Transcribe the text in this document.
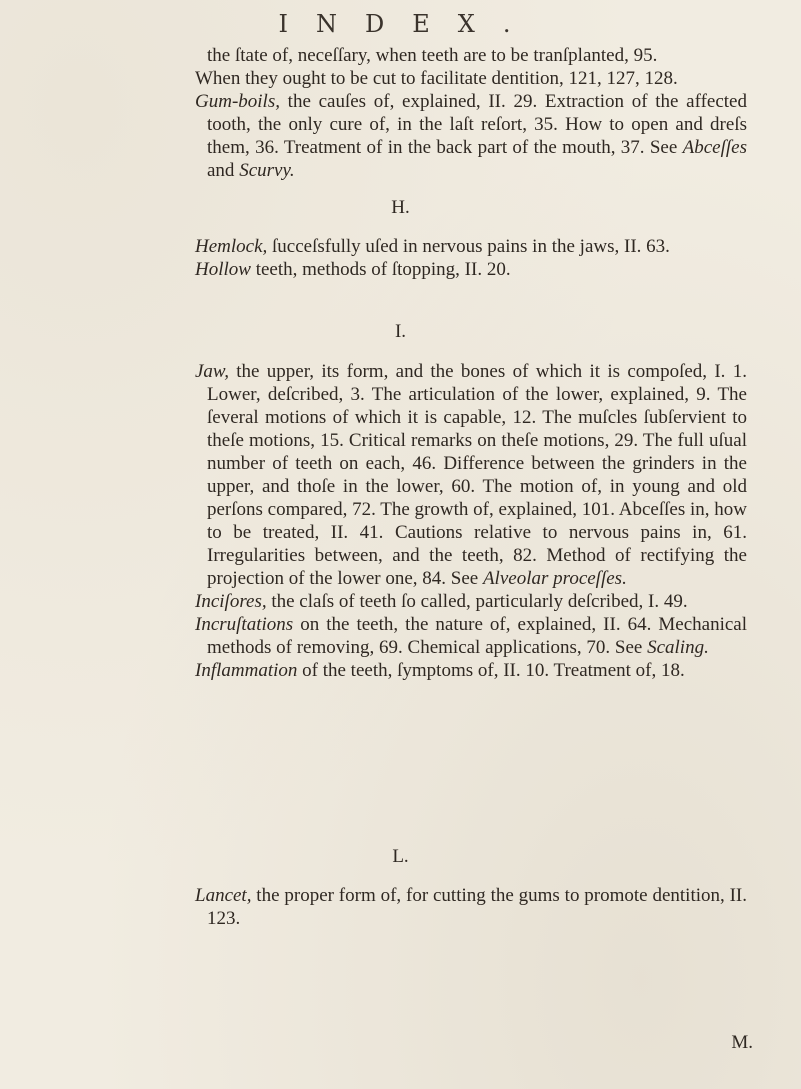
INDEX.

the ſtate of, neceſſary, when teeth are to be tranſplanted, 95.

When they ought to be cut to facilitate dentition, 121, 127, 128.

Gum-boils, the cauſes of, explained, II. 29. Extraction of the affected tooth, the only cure of, in the laſt reſort, 35. How to open and dreſs them, 36. Treatment of in the back part of the mouth, 37. See Abceſſes and Scurvy.

H.

Hemlock, ſucceſsfully uſed in nervous pains in the jaws, II. 63.

Hollow teeth, methods of ſtopping, II. 20.

I.

Jaw, the upper, its form, and the bones of which it is compoſed, I. 1. Lower, deſcribed, 3. The articulation of the lower, explained, 9. The ſeveral motions of which it is capable, 12. The muſcles ſubſervient to theſe motions, 15. Critical remarks on theſe motions, 29. The full uſual number of teeth on each, 46. Difference between the grinders in the upper, and thoſe in the lower, 60. The motion of, in young and old perſons compared, 72. The growth of, explained, 101. Abceſſes in, how to be treated, II. 41. Cautions relative to nervous pains in, 61. Irregularities between, and the teeth, 82. Method of rectifying the projection of the lower one, 84. See Alveolar proceſſes.

Inciſores, the claſs of teeth ſo called, particularly deſcribed, I. 49.

Incruſtations on the teeth, the nature of, explained, II. 64. Mechanical methods of removing, 69. Chemical applications, 70. See Scaling.

Inflammation of the teeth, ſymptoms of, II. 10. Treatment of, 18.

L.

Lancet, the proper form of, for cutting the gums to promote dentition, II. 123.

M.
